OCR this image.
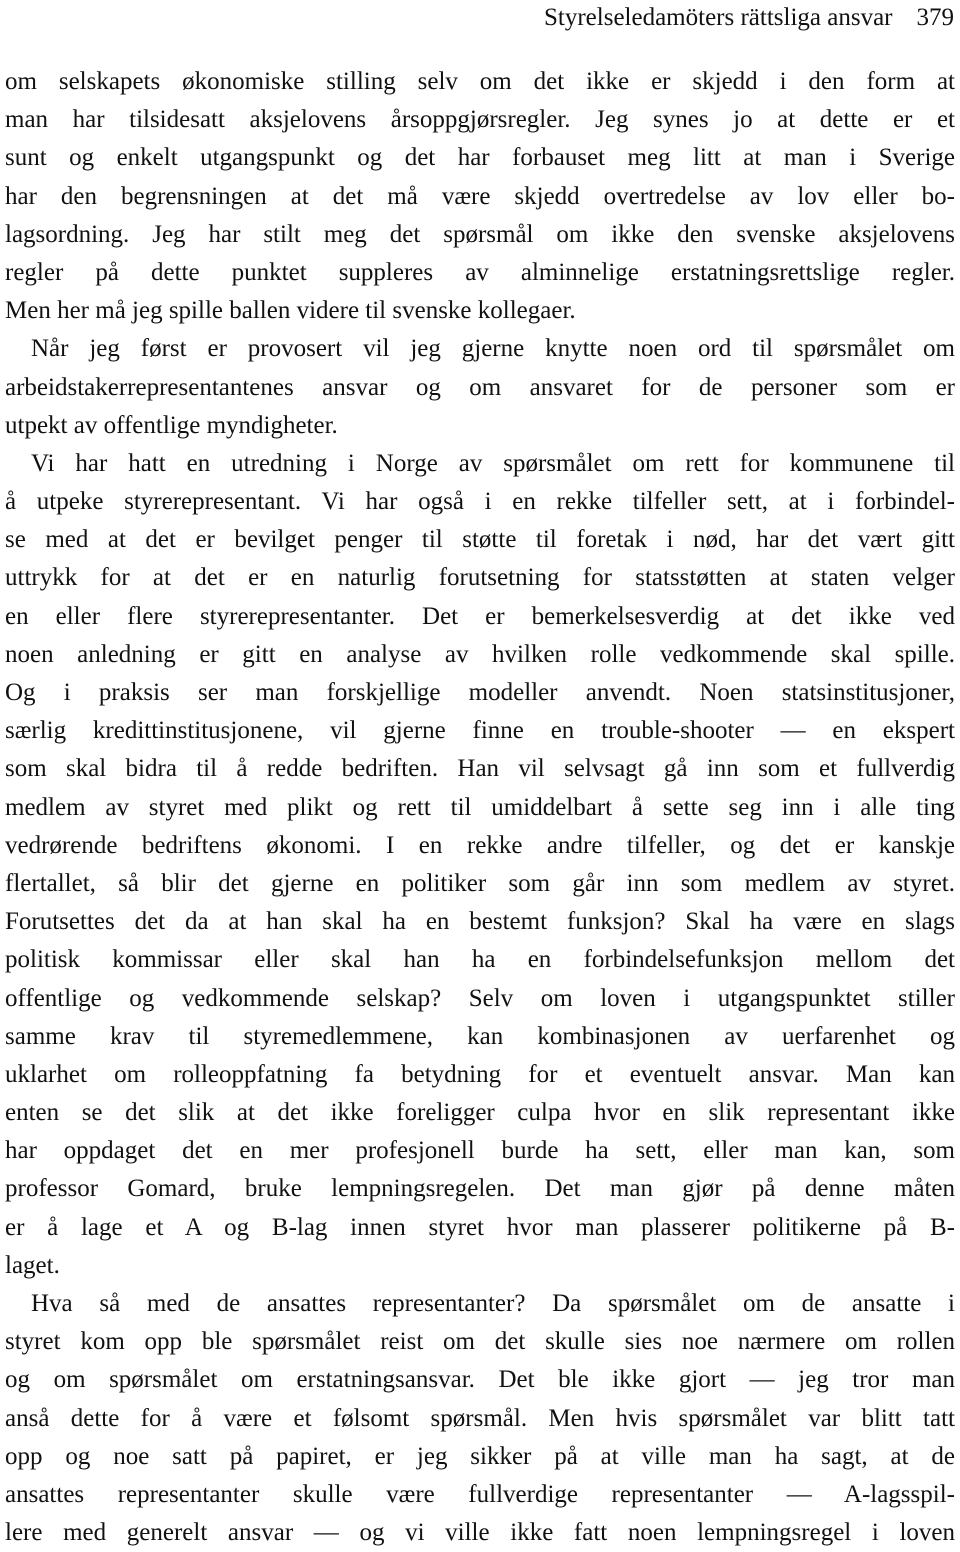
Styrelseledamöters rättsliga ansvar 379

om selskapets økonomiske stilling selv om det ikke er skjedd i den form at
man har tilsidesatt aksjelovens årsoppgjørsregler. Jeg synes jo at dette er et
sunt og enkelt utgangspunkt og det har forbauset meg litt at man i Sverige
har den begrensningen at det må være skjedd overtredelse av lov eller bo-
lagsordning. Jeg har stilt meg det spørsmål om ikke den svenske aksjelovens
regler på dette punktet suppleres av alminnelige erstatningsrettslige regler.
Men her må jeg spille ballen videre til svenske kollegaer.

Når jeg først er provosert vil jeg gjerne knytte noen ord til spørsmålet om
arbeidstakerrepresentantenes ansvar og om ansvaret for de personer som er
utpekt av offentlige myndigheter.

Vi har hatt en utredning i Norge av spørsmålet om rett for kommunene til
å utpeke styrerepresentant. Vi har også i en rekke tilfeller sett, at i forbindel-
se med at det er bevilget penger til støtte til foretak i nød, har det vært gitt
uttrykk for at det er en naturlig forutsetning for statsstøtten at staten velger
en eller flere styrerepresentanter. Det er bemerkelsesverdig at det ikke ved
noen anledning er gitt en analyse av hvilken rolle vedkommende skal spille.
Og i praksis ser man forskjellige modeller anvendt. Noen statsinstitusjoner,
særlig kredittinstitusjonene, vil gjerne finne en trouble-shooter — en ekspert
som skal bidra til å redde bedriften. Han vil selvsagt gå inn som et fullverdig
medlem av styret med plikt og rett til umiddelbart å sette seg inn i alle ting
vedrørende bedriftens økonomi. I en rekke andre tilfeller, og det er kanskje
flertallet, så blir det gjerne en politiker som går inn som medlem av styret.
Forutsettes det da at han skal ha en bestemt funksjon? Skal ha være en slags
politisk kommissar eller skal han ha en forbindelsefunksjon mellom det
offentlige og vedkommende selskap? Selv om loven i utgangspunktet stiller
samme krav til styremedlemmene, kan kombinasjonen av uerfarenhet og
uklarhet om rolleoppfatning fa betydning for et eventuelt ansvar. Man kan
enten se det slik at det ikke foreligger culpa hvor en slik representant ikke
har oppdaget det en mer profesjonell burde ha sett, eller man kan, som
professor Gomard, bruke lempningsregelen. Det man gjør på denne måten
er å lage et A og B-lag innen styret hvor man plasserer politikerne på B-
laget.

Hva så med de ansattes representanter? Da spørsmålet om de ansatte i
styret kom opp ble spørsmålet reist om det skulle sies noe nærmere om rollen
og om spørsmålet om erstatningsansvar. Det ble ikke gjort — jeg tror man
anså dette for å være et følsomt spørsmål. Men hvis spørsmålet var blitt tatt
opp og noe satt på papiret, er jeg sikker på at ville man ha sagt, at de
ansattes representanter skulle være fullverdige representanter — A-lagsspil-
lere med generelt ansvar — og vi ville ikke fatt noen lempningsregel i loven
